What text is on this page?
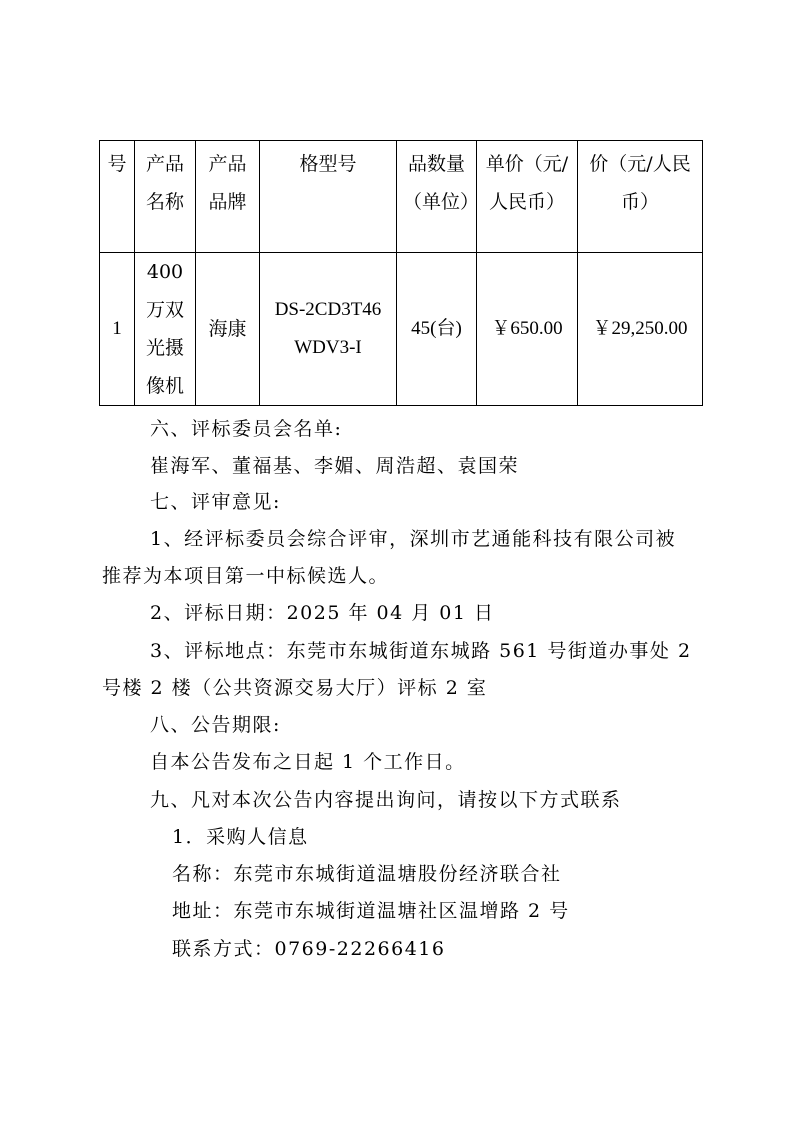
号	产品名称	产品品牌	格型号	品数量（单位）	单价（元/人民币）	价（元/人民币）
1	400万双光摄像机	海康	DS-2CD3T46WDV3-I	45(台)	￥650.00	￥29,250.00
六、评标委员会名单:
崔海军、董福基、李媚、周浩超、袁国荣
七、评审意见:
1、经评标委员会综合评审，深圳市艺通能科技有限公司被
推荐为本项目第一中标候选人。
2、评标日期：2025 年 04 月 01 日
3、评标地点：东莞市东城街道东城路 561 号街道办事处 2
号楼 2 楼（公共资源交易大厅）评标 2 室
八、公告期限:
自本公告发布之日起 1 个工作日。
九、凡对本次公告内容提出询问，请按以下方式联系
1．采购人信息
名称：东莞市东城街道温塘股份经济联合社
地址：东莞市东城街道温塘社区温增路 2 号
联系方式：0769-22266416
